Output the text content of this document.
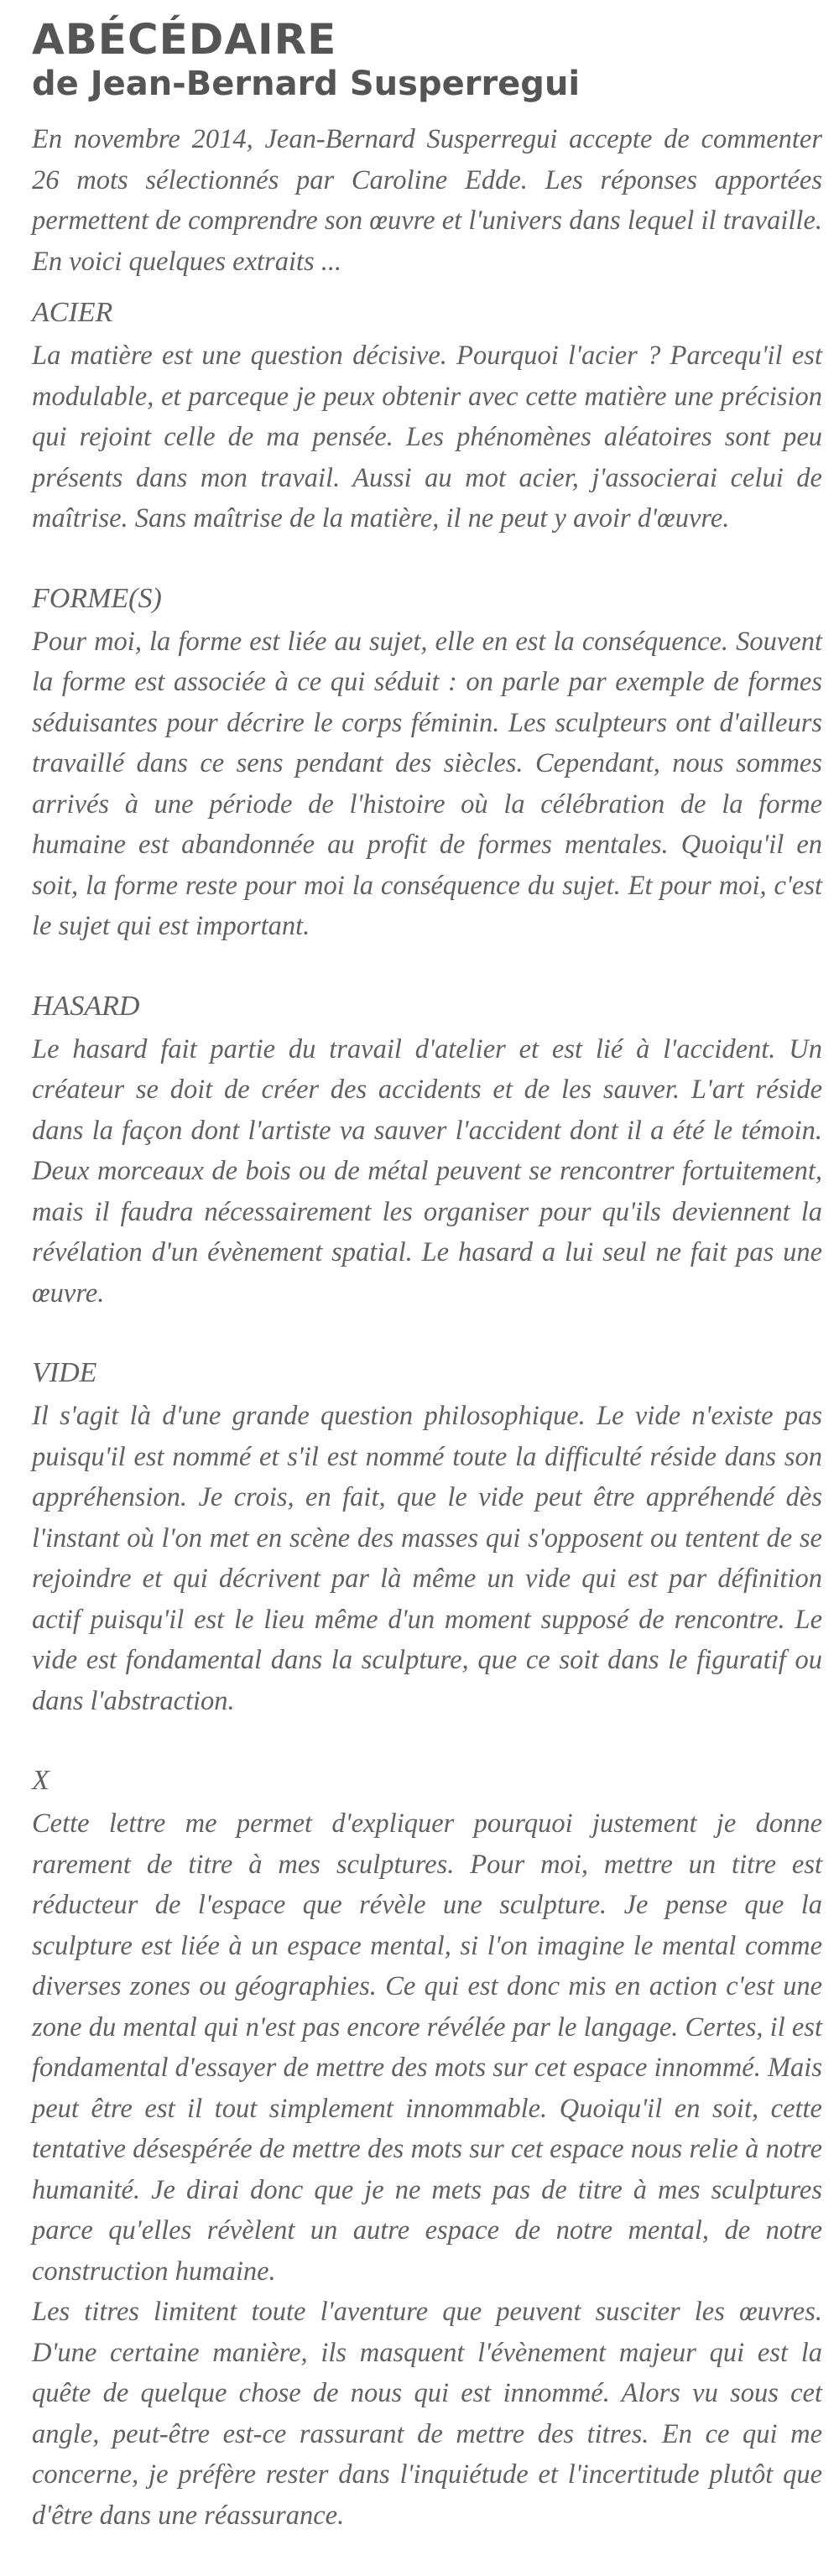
ABÉCÉDAIRE
de Jean-Bernard Susperregui

En novembre 2014, Jean-Bernard Susperregui accepte de commenter 26 mots sélectionnés par Caroline Edde. Les réponses apportées permettent de comprendre son œuvre et l'univers dans lequel il travaille. En voici quelques extraits ...

ACIER

La matière est une question décisive. Pourquoi l'acier ? Parcequ'il est modulable, et parceque je peux obtenir avec cette matière une précision qui rejoint celle de ma pensée. Les phénomènes aléatoires sont peu présents dans mon travail. Aussi au mot acier, j'associerai celui de maîtrise. Sans maîtrise de la matière, il ne peut y avoir d'œuvre.

FORME(S)

Pour moi, la forme est liée au sujet, elle en est la conséquence. Souvent la forme est associée à ce qui séduit : on parle par exemple de formes séduisantes pour décrire le corps féminin. Les sculpteurs ont d'ailleurs travaillé dans ce sens pendant des siècles. Cependant, nous sommes arrivés à une période de l'histoire où la célébration de la forme humaine est abandonnée au profit de formes mentales. Quoiqu'il en soit, la forme reste pour moi la conséquence du sujet. Et pour moi, c'est le sujet qui est important.

HASARD

Le hasard fait partie du travail d'atelier et est lié à l'accident. Un créateur se doit de créer des accidents et de les sauver. L'art réside dans la façon dont l'artiste va sauver l'accident dont il a été le témoin. Deux morceaux de bois ou de métal peuvent se rencontrer fortuitement, mais il faudra nécessairement les organiser pour qu'ils deviennent la révélation d'un évènement spatial. Le hasard a lui seul ne fait pas une œuvre.

VIDE

Il s'agit là d'une grande question philosophique. Le vide n'existe pas puisqu'il est nommé et s'il est nommé toute la difficulté réside dans son appréhension. Je crois, en fait, que le vide peut être appréhendé dès l'instant où l'on met en scène des masses qui s'opposent ou tentent de se rejoindre et qui décrivent par là même un vide qui est par définition actif puisqu'il est le lieu même d'un moment supposé de rencontre. Le vide est fondamental dans la sculpture, que ce soit dans le figuratif ou dans l'abstraction.

X

Cette lettre me permet d'expliquer pourquoi justement je donne rarement de titre à mes sculptures. Pour moi, mettre un titre est réducteur de l'espace que révèle une sculpture. Je pense que la sculpture est liée à un espace mental, si l'on imagine le mental comme diverses zones ou géographies. Ce qui est donc mis en action c'est une zone du mental qui n'est pas encore révélée par le langage. Certes, il est fondamental d'essayer de mettre des mots sur cet espace innommé. Mais peut être est il tout simplement innommable. Quoiqu'il en soit, cette tentative désespérée de mettre des mots sur cet espace nous relie à notre humanité. Je dirai donc que je ne mets pas de titre à mes sculptures parce qu'elles révèlent un autre espace de notre mental, de notre construction humaine.

Les titres limitent toute l'aventure que peuvent susciter les œuvres. D'une certaine manière, ils masquent l'évènement majeur qui est la quête de quelque chose de nous qui est innommé. Alors vu sous cet angle, peut-être est-ce rassurant de mettre des titres. En ce qui me concerne, je préfère rester dans l'inquiétude et l'incertitude plutôt que d'être dans une réassurance.
